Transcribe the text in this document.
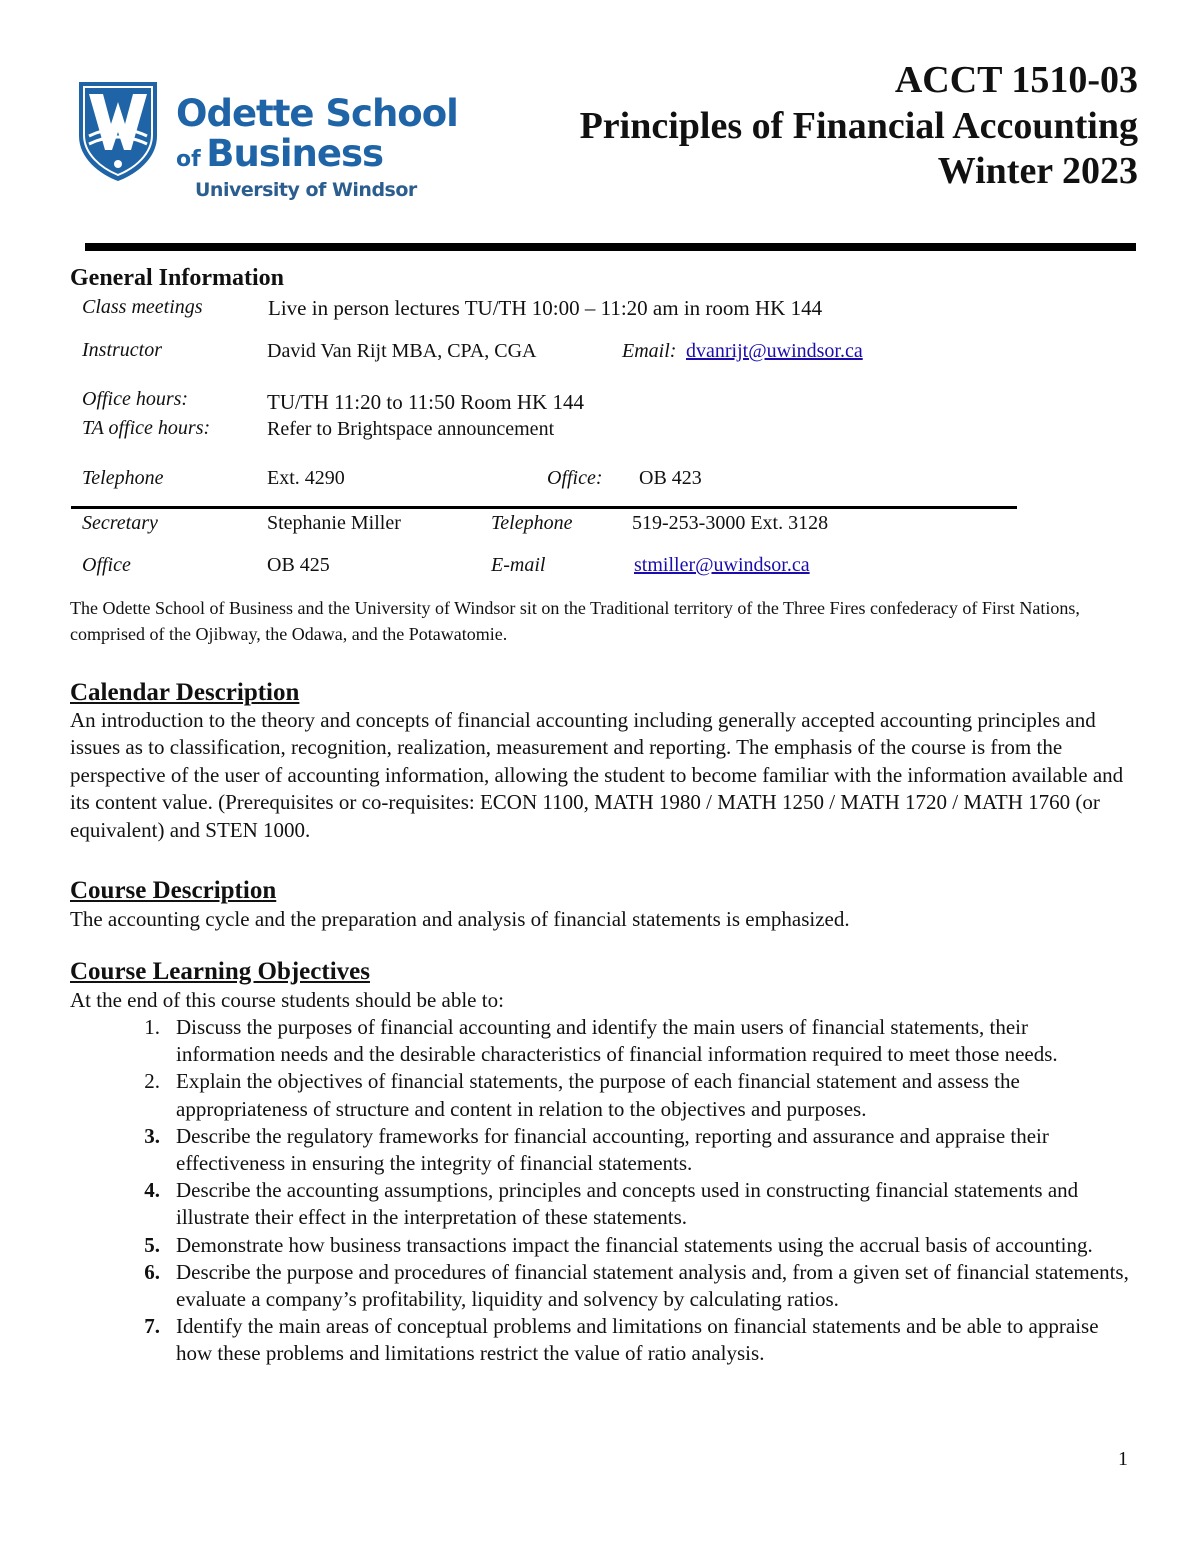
Odette School
of Business
University of Windsor
ACCT 1510-03
Principles of Financial Accounting
Winter 2023
General Information
Class meetings	Live in person lectures TU/TH 10:00 – 11:20 am in room HK 144
Instructor	David Van Rijt MBA, CPA, CGA	Email: dvanrijt@uwindsor.ca
Office hours:	TU/TH 11:20 to 11:50 Room HK 144
TA office hours:	Refer to Brightspace announcement
Telephone	Ext. 4290	Office: OB 423
Secretary	Stephanie Miller	Telephone	519-253-3000 Ext. 3128
Office	OB 425	E-mail	stmiller@uwindsor.ca
The Odette School of Business and the University of Windsor sit on the Traditional territory of the Three Fires confederacy of First Nations, comprised of the Ojibway, the Odawa, and the Potawatomie.
Calendar Description
An introduction to the theory and concepts of financial accounting including generally accepted accounting principles and issues as to classification, recognition, realization, measurement and reporting. The emphasis of the course is from the perspective of the user of accounting information, allowing the student to become familiar with the information available and its content value. (Prerequisites or co-requisites: ECON 1100, MATH 1980 / MATH 1250 / MATH 1720 / MATH 1760 (or equivalent) and STEN 1000.
Course Description
The accounting cycle and the preparation and analysis of financial statements is emphasized.
Course Learning Objectives
At the end of this course students should be able to:
1. Discuss the purposes of financial accounting and identify the main users of financial statements, their information needs and the desirable characteristics of financial information required to meet those needs.
2. Explain the objectives of financial statements, the purpose of each financial statement and assess the appropriateness of structure and content in relation to the objectives and purposes.
3. Describe the regulatory frameworks for financial accounting, reporting and assurance and appraise their effectiveness in ensuring the integrity of financial statements.
4. Describe the accounting assumptions, principles and concepts used in constructing financial statements and illustrate their effect in the interpretation of these statements.
5. Demonstrate how business transactions impact the financial statements using the accrual basis of accounting.
6. Describe the purpose and procedures of financial statement analysis and, from a given set of financial statements, evaluate a company’s profitability, liquidity and solvency by calculating ratios.
7. Identify the main areas of conceptual problems and limitations on financial statements and be able to appraise how these problems and limitations restrict the value of ratio analysis.
1
